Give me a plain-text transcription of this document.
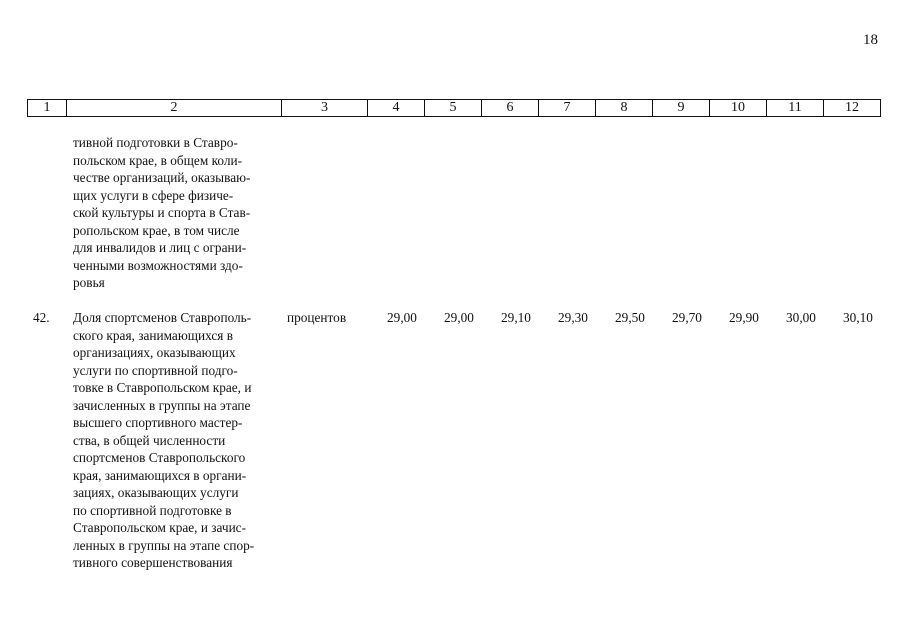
18
1	2	3	4	5	6	7	8	9	10	11	12
тивной подготовки в Ставро-
польском крае, в общем коли-
честве организаций, оказываю-
щих услуги в сфере физиче-
ской культуры и спорта в Став-
ропольском крае, в том числе
для инвалидов и лиц с ограни-
ченными возможностями здо-
ровья
42. Доля спортсменов Ставрополь-
ского края, занимающихся в
организациях, оказывающих
услуги по спортивной подго-
товке в Ставропольском крае, и
зачисленных в группы на этапе
высшего спортивного мастер-
ства, в общей численности
спортсменов Ставропольского
края, занимающихся в органи-
зациях, оказывающих услуги
по спортивной подготовке в
Ставропольском крае, и зачис-
ленных в группы на этапе спор-
тивного совершенствования
процентов	29,00	29,00	29,10	29,30	29,50	29,70	29,90	30,00	30,10
